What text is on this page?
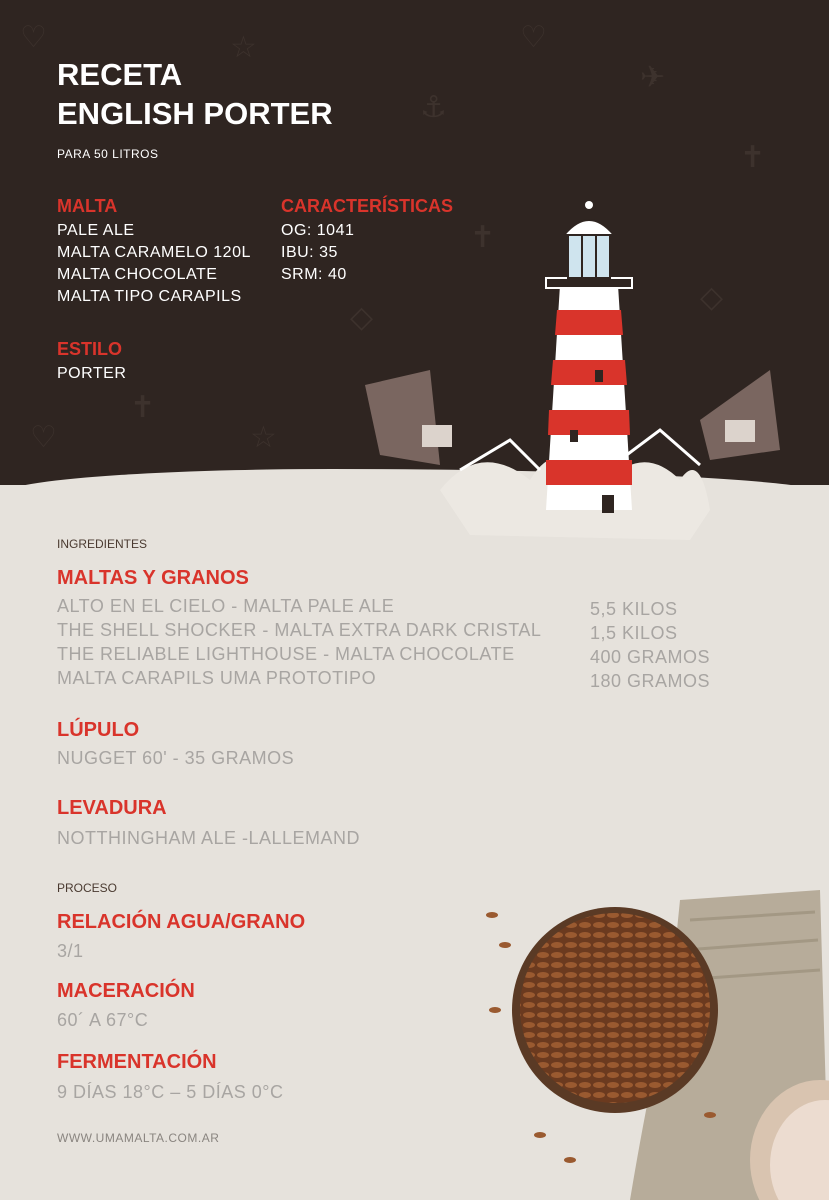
♡	☆
⚓
♡
✈
✝
◇
♡	☆
✝
✝
◇
RECETA
ENGLISH PORTER
PARA 50 LITROS
MALTA
PALE ALE
MALTA CARAMELO 120L
MALTA CHOCOLATE
MALTA TIPO CARAPILS
CARACTERÍSTICAS
OG: 1041
IBU: 35
SRM: 40
ESTILO
PORTER
INGREDIENTES
MALTAS Y GRANOS
ALTO EN EL CIELO - MALTA PALE ALE
THE SHELL SHOCKER - MALTA EXTRA DARK CRISTAL
THE RELIABLE LIGHTHOUSE - MALTA CHOCOLATE
MALTA CARAPILS UMA PROTOTIPO
5,5 KILOS
1,5 KILOS
400 GRAMOS
180 GRAMOS
LÚPULO
NUGGET 60' - 35 GRAMOS
LEVADURA
NOTTHINGHAM ALE -LALLEMAND
PROCESO
RELACIÓN AGUA/GRANO
3/1
MACERACIÓN
60´ A 67°C
FERMENTACIÓN
9 DÍAS 18°C – 5 DÍAS 0°C
WWW.UMAMALTA.COM.AR
